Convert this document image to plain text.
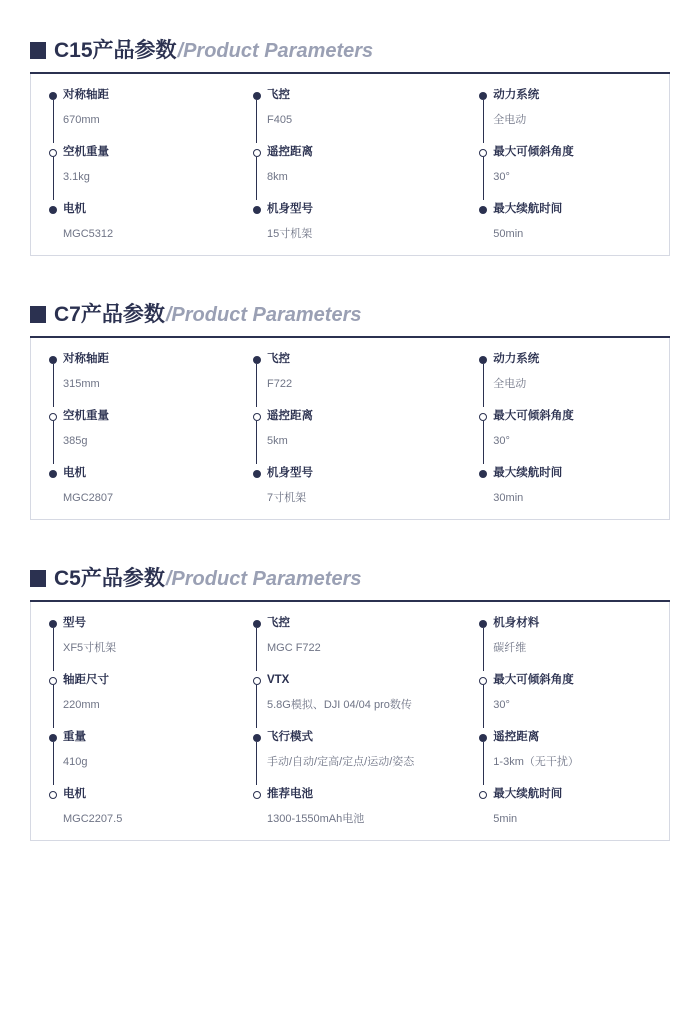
C15产品参数 /Product Parameters
对称轴距
670mm
空机重量
3.1kg
电机
MGC5312
飞控
F405
遥控距离
8km
机身型号
15寸机架
动力系统
全电动
最大可倾斜角度
30°
最大续航时间
50min
C7产品参数 /Product Parameters
对称轴距
315mm
空机重量
385g
电机
MGC2807
飞控
F722
遥控距离
5km
机身型号
7寸机架
动力系统
全电动
最大可倾斜角度
30°
最大续航时间
30min
C5产品参数 /Product Parameters
型号
XF5寸机架
轴距尺寸
220mm
重量
410g
电机
MGC2207.5
飞控
MGC F722
VTX
5.8G模拟、DJI 04/04 pro数传
飞行模式
手动/自动/定高/定点/运动/姿态
推荐电池
1300-1550mAh电池
机身材料
碳纤维
最大可倾斜角度
30°
遥控距离
1-3km（无干扰）
最大续航时间
5min
